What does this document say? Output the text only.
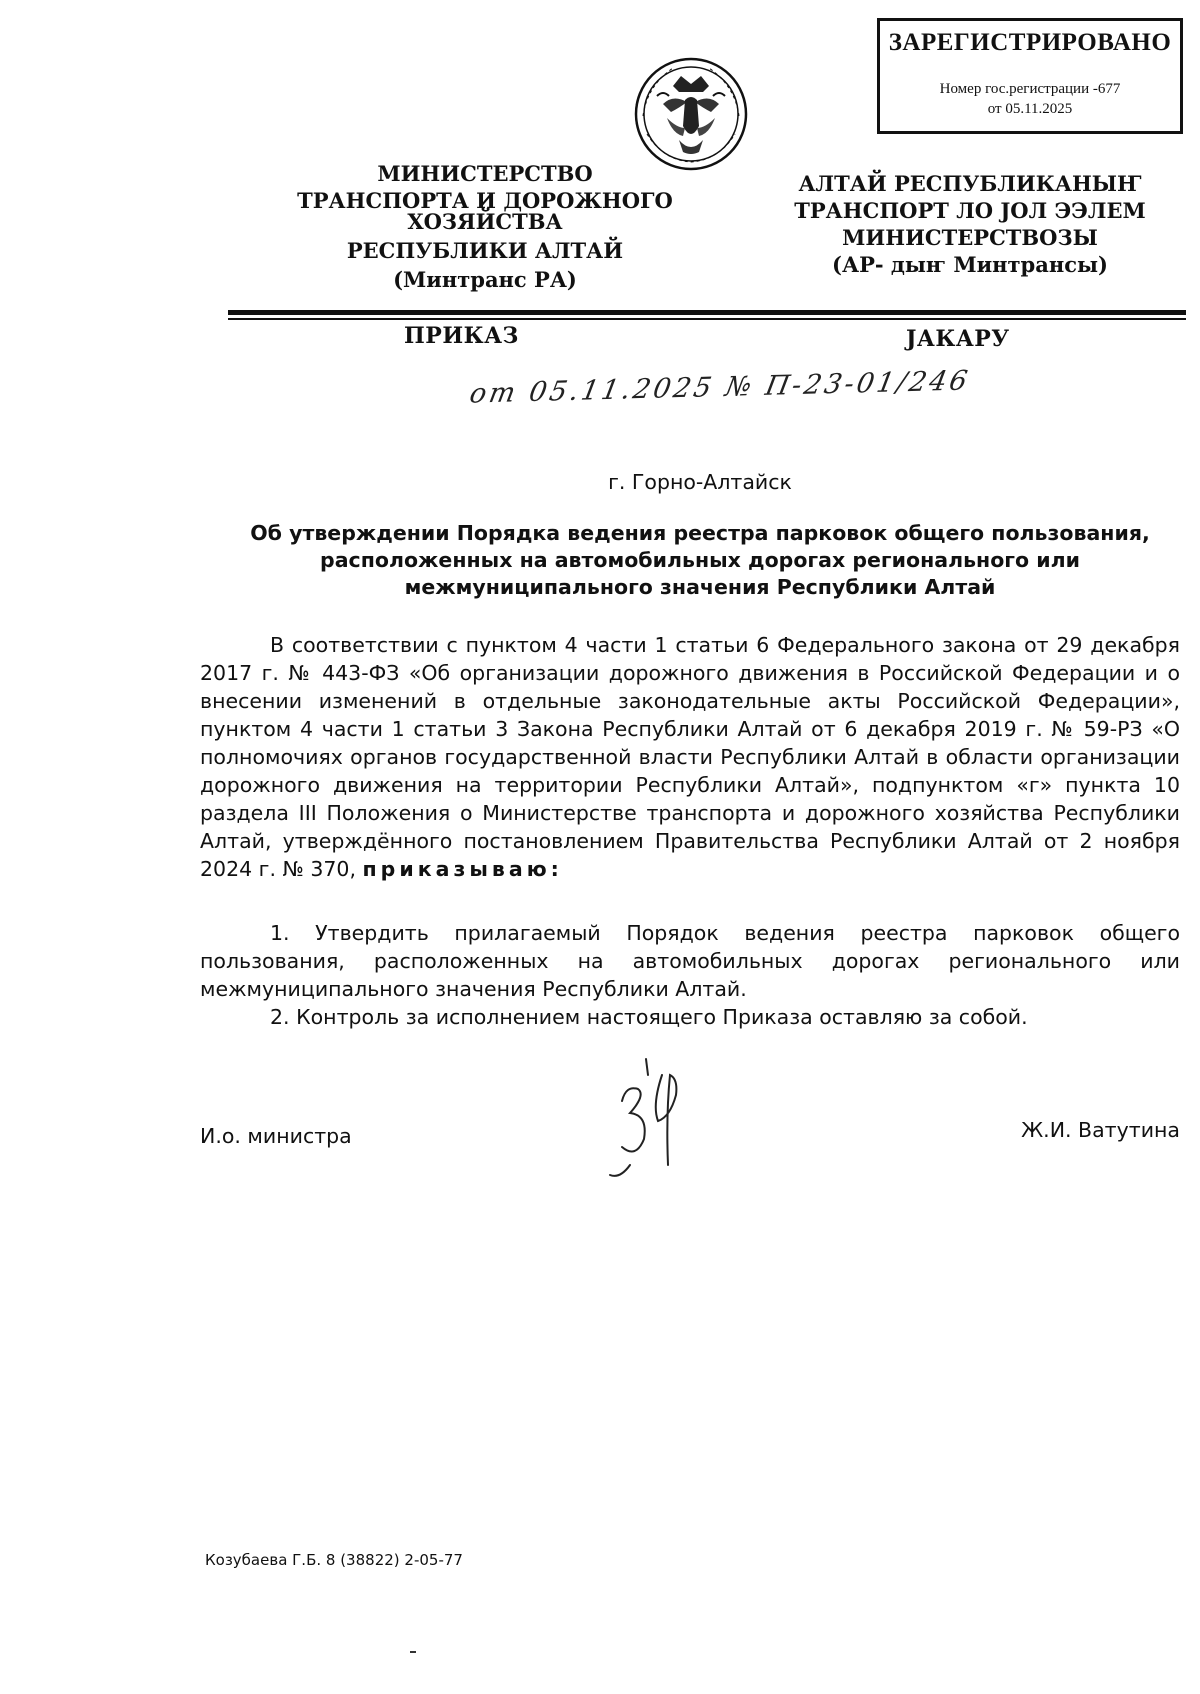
ЗАРЕГИСТРИРОВАНО
Номер гос.регистрации -677
от 05.11.2025
МИНИСТЕРСТВО
ТРАНСПОРТА И ДОРОЖНОГО
ХОЗЯЙСТВА
РЕСПУБЛИКИ АЛТАЙ
(Минтранс РА)
АЛТАЙ РЕСПУБЛИКАНЫҤ
ТРАНСПОРТ ЛО ЈОЛ ЭЭЛЕМ
МИНИСТЕРСТВОЗЫ
(АР- дыҥ Минтрансы)
ПРИКАЗ	ЈАКАРУ
от 05.11.2025 № П-23-01/246
г. Горно-Алтайск
Об утверждении Порядка ведения реестра парковок общего пользования,
расположенных на автомобильных дорогах регионального или
межмуниципального значения Республики Алтай
В соответствии с пунктом 4 части 1 статьи 6 Федерального закона от 29 декабря 2017 г. № 443-ФЗ «Об организации дорожного движения в Российской Федерации и о внесении изменений в отдельные законодательные акты Российской Федерации», пунктом 4 части 1 статьи 3 Закона Республики Алтай от 6 декабря 2019 г. № 59-РЗ «О полномочиях органов государственной власти Республики Алтай в области организации дорожного движения на территории Республики Алтай», подпунктом «г» пункта 10 раздела III Положения о Министерстве транспорта и дорожного хозяйства Республики Алтай, утверждённого постановлением Правительства Республики Алтай от 2 ноября 2024 г. № 370, приказываю:
1. Утвердить прилагаемый Порядок ведения реестра парковок общего пользования, расположенных на автомобильных дорогах регионального или межмуниципального значения Республики Алтай.
2. Контроль за исполнением настоящего Приказа оставляю за собой.
И.о. министра	Ж.И. Ватутина
Козубаева Г.Б. 8 (38822) 2-05-77
